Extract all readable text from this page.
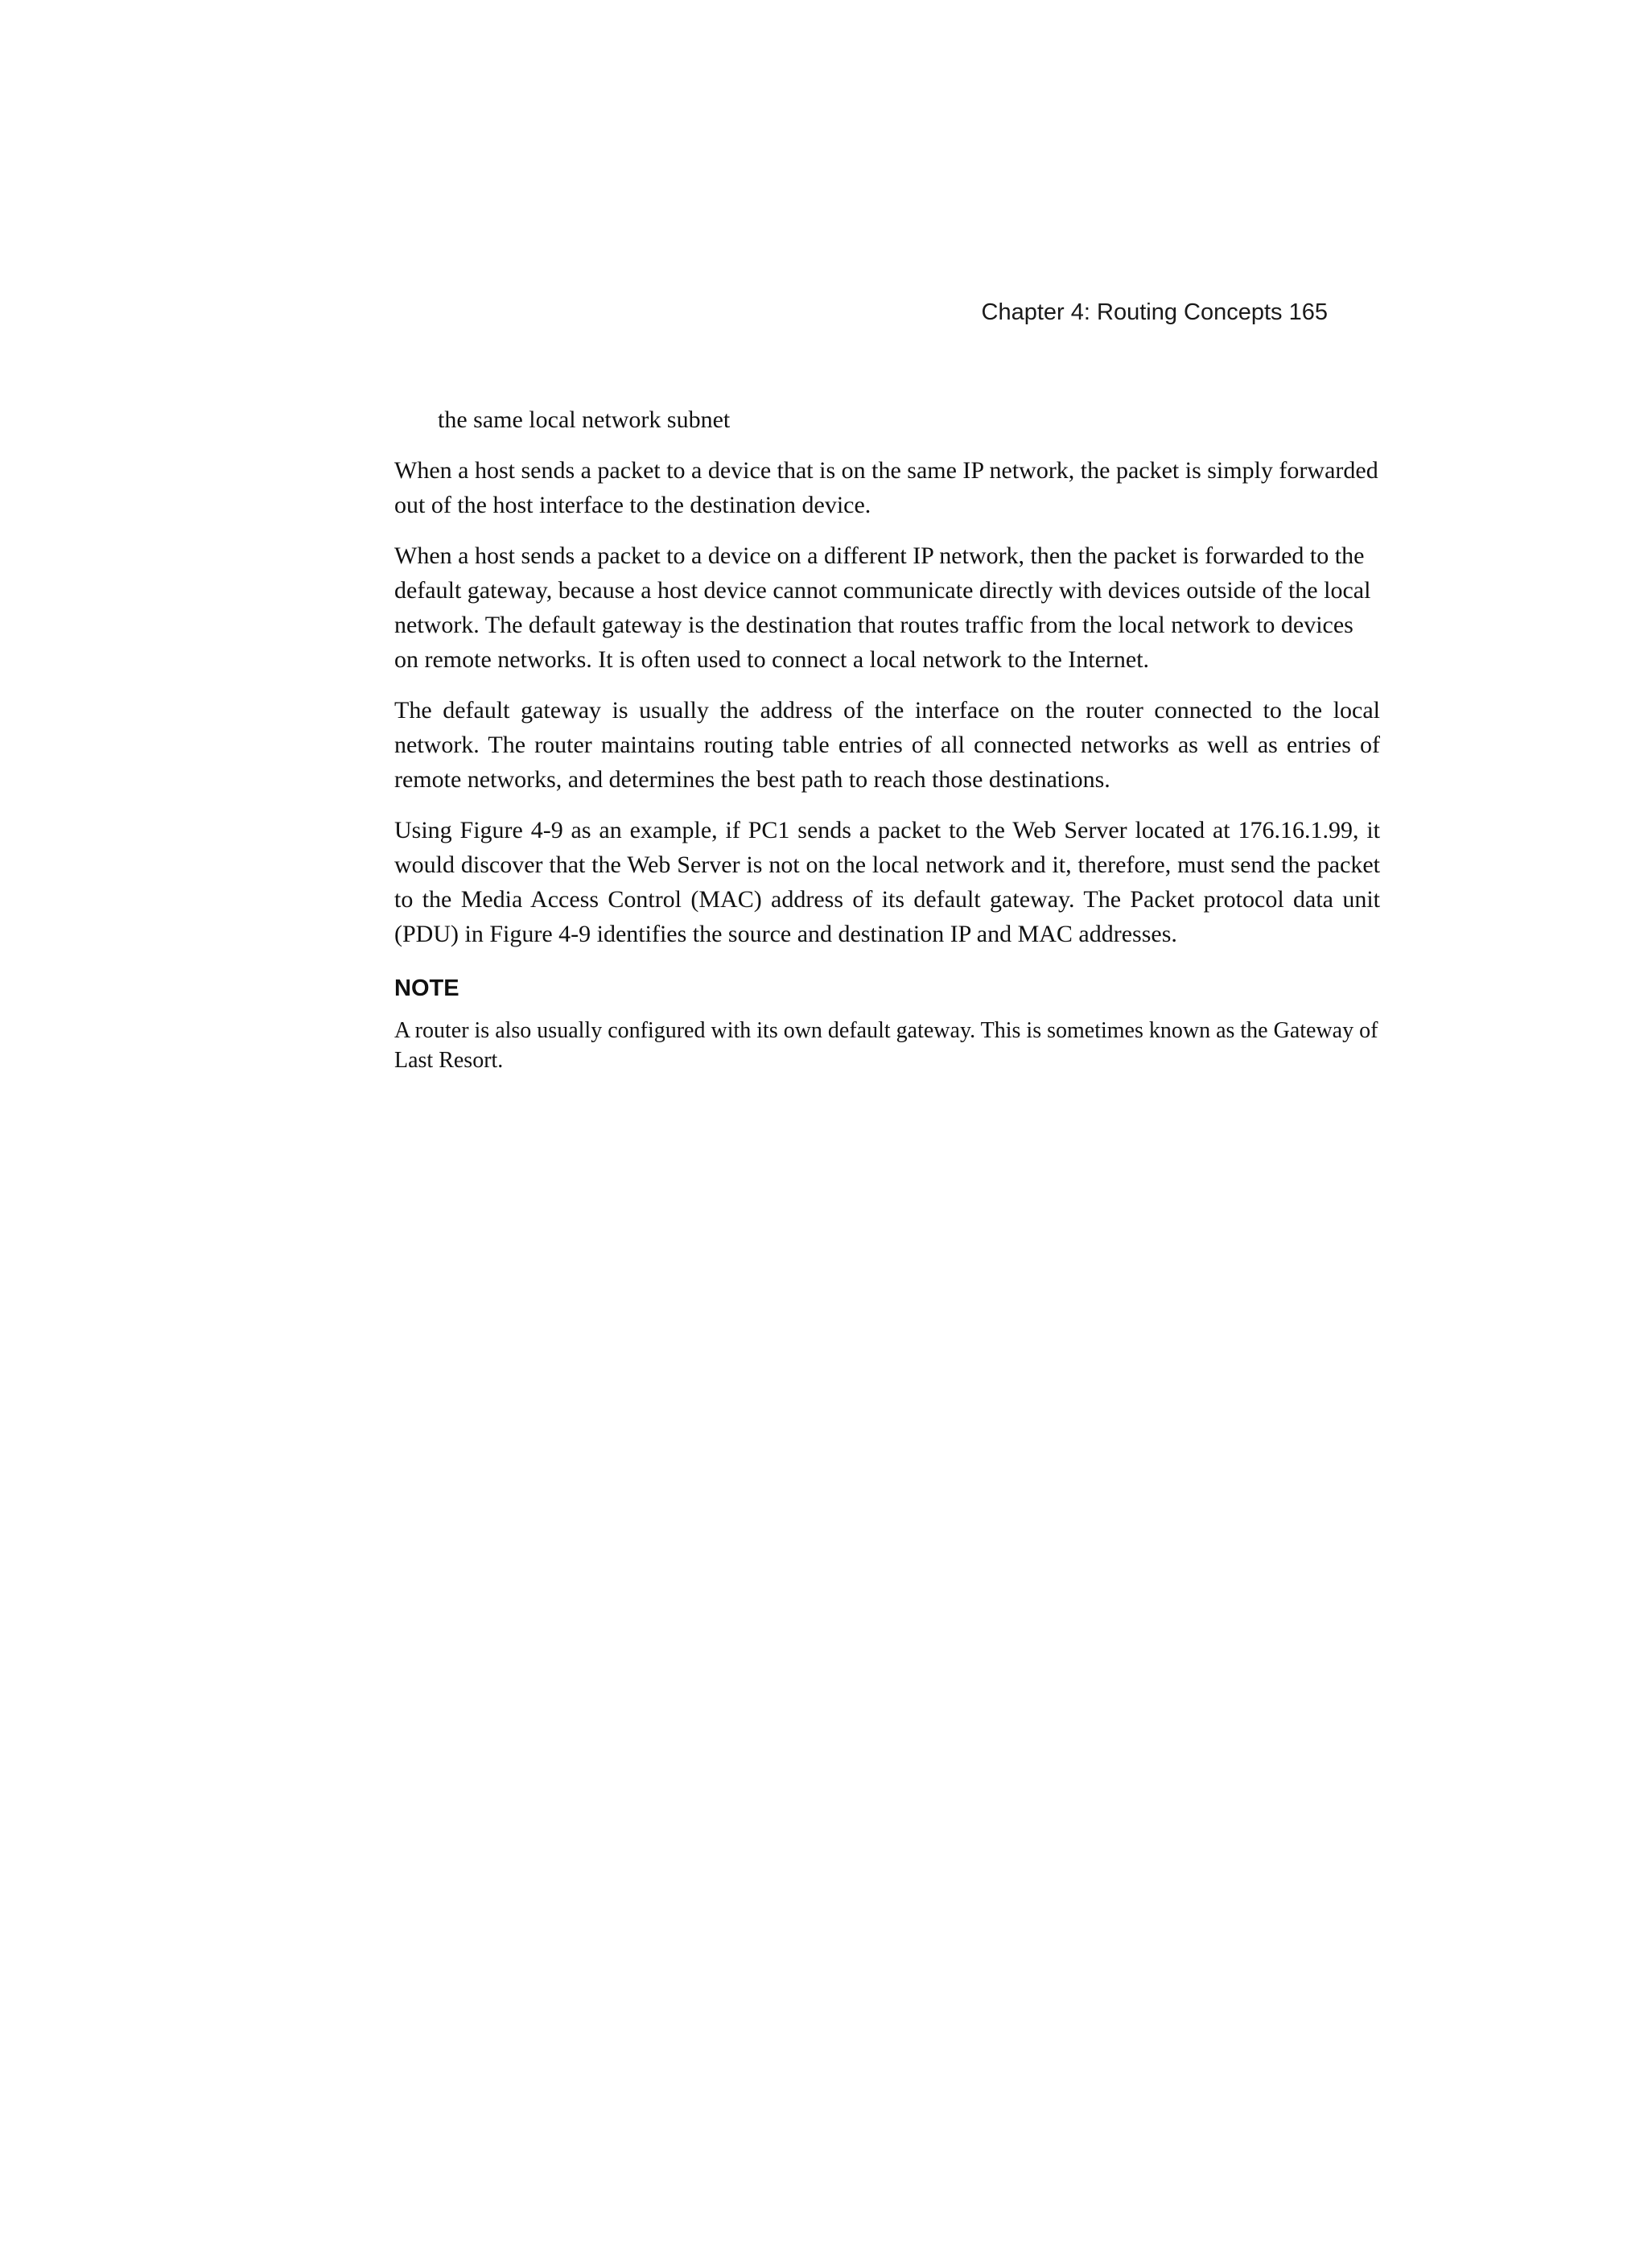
Chapter 4: Routing Concepts 165

the same local network subnet

When a host sends a packet to a device that is on the same IP network, the packet is simply forwarded out of the host interface to the destination device.

When a host sends a packet to a device on a different IP network, then the packet is forwarded to the default gateway, because a host device cannot communicate directly with devices outside of the local network. The default gateway is the destination that routes traffic from the local network to devices on remote networks. It is often used to connect a local network to the Internet.

The default gateway is usually the address of the interface on the router connected to the local network. The router maintains routing table entries of all connected networks as well as entries of remote networks, and determines the best path to reach those destinations.

Using Figure 4-9 as an example, if PC1 sends a packet to the Web Server located at 176.16.1.99, it would discover that the Web Server is not on the local network and it, therefore, must send the packet to the Media Access Control (MAC) address of its default gateway. The Packet protocol data unit (PDU) in Figure 4-9 identifies the source and destination IP and MAC addresses.

NOTE

A router is also usually configured with its own default gateway. This is sometimes known as the Gateway of Last Resort.
